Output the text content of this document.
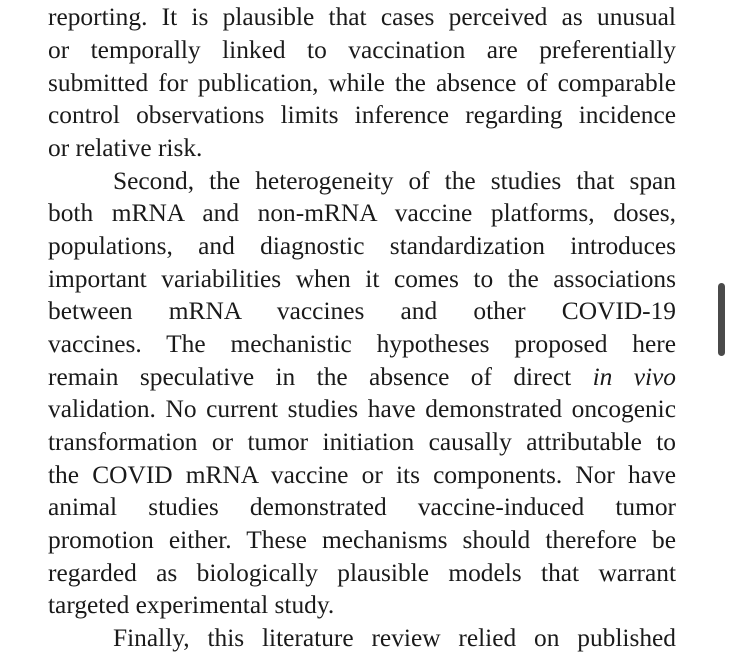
reporting. It is plausible that cases perceived as unusual
or temporally linked to vaccination are preferentially
submitted for publication, while the absence of comparable
control observations limits inference regarding incidence
or relative risk.
Second, the heterogeneity of the studies that span
both mRNA and non-mRNA vaccine platforms, doses,
populations, and diagnostic standardization introduces
important variabilities when it comes to the associations
between mRNA vaccines and other COVID-19
vaccines. The mechanistic hypotheses proposed here
remain speculative in the absence of direct in vivo
validation. No current studies have demonstrated oncogenic
transformation or tumor initiation causally attributable to
the COVID mRNA vaccine or its components. Nor have
animal studies demonstrated vaccine-induced tumor
promotion either. These mechanisms should therefore be
regarded as biologically plausible models that warrant
targeted experimental study.
Finally, this literature review relied on published
